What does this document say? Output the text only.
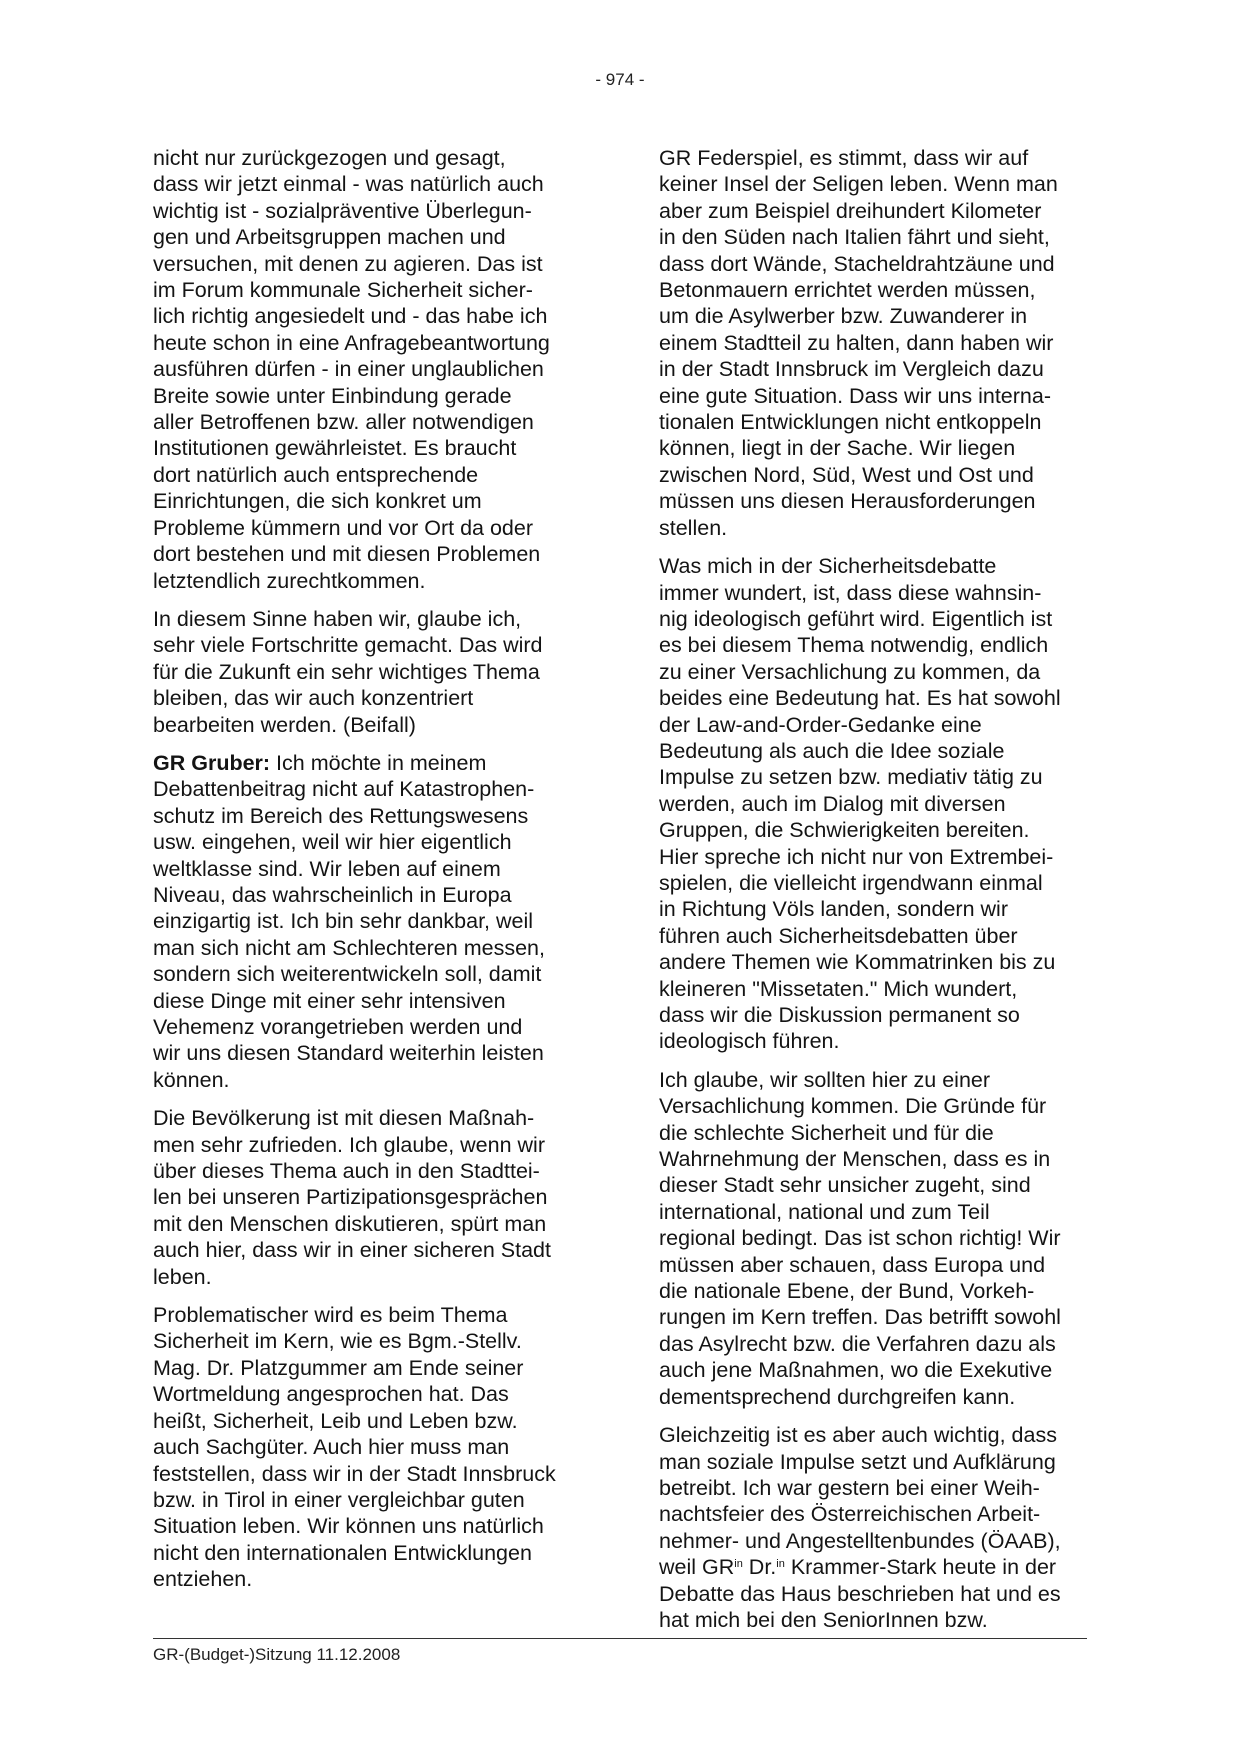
- 974 -

nicht nur zurückgezogen und gesagt,
dass wir jetzt einmal - was natürlich auch
wichtig ist - sozialpräventive Überlegun-
gen und Arbeitsgruppen machen und
versuchen, mit denen zu agieren. Das ist
im Forum kommunale Sicherheit sicher-
lich richtig angesiedelt und - das habe ich
heute schon in eine Anfragebeantwortung
ausführen dürfen - in einer unglaublichen
Breite sowie unter Einbindung gerade
aller Betroffenen bzw. aller notwendigen
Institutionen gewährleistet. Es braucht
dort natürlich auch entsprechende
Einrichtungen, die sich konkret um
Probleme kümmern und vor Ort da oder
dort bestehen und mit diesen Problemen
letztendlich zurechtkommen.

In diesem Sinne haben wir, glaube ich,
sehr viele Fortschritte gemacht. Das wird
für die Zukunft ein sehr wichtiges Thema
bleiben, das wir auch konzentriert
bearbeiten werden. (Beifall)

GR Gruber: Ich möchte in meinem
Debattenbeitrag nicht auf Katastrophen-
schutz im Bereich des Rettungswesens
usw. eingehen, weil wir hier eigentlich
weltklasse sind. Wir leben auf einem
Niveau, das wahrscheinlich in Europa
einzigartig ist. Ich bin sehr dankbar, weil
man sich nicht am Schlechteren messen,
sondern sich weiterentwickeln soll, damit
diese Dinge mit einer sehr intensiven
Vehemenz vorangetrieben werden und
wir uns diesen Standard weiterhin leisten
können.

Die Bevölkerung ist mit diesen Maßnah-
men sehr zufrieden. Ich glaube, wenn wir
über dieses Thema auch in den Stadttei-
len bei unseren Partizipationsgesprächen
mit den Menschen diskutieren, spürt man
auch hier, dass wir in einer sicheren Stadt
leben.

Problematischer wird es beim Thema
Sicherheit im Kern, wie es Bgm.-Stellv.
Mag. Dr. Platzgummer am Ende seiner
Wortmeldung angesprochen hat. Das
heißt, Sicherheit, Leib und Leben bzw.
auch Sachgüter. Auch hier muss man
feststellen, dass wir in der Stadt Innsbruck
bzw. in Tirol in einer vergleichbar guten
Situation leben. Wir können uns natürlich
nicht den internationalen Entwicklungen
entziehen.

GR Federspiel, es stimmt, dass wir auf
keiner Insel der Seligen leben. Wenn man
aber zum Beispiel dreihundert Kilometer
in den Süden nach Italien fährt und sieht,
dass dort Wände, Stacheldrahtzäune und
Betonmauern errichtet werden müssen,
um die Asylwerber bzw. Zuwanderer in
einem Stadtteil zu halten, dann haben wir
in der Stadt Innsbruck im Vergleich dazu
eine gute Situation. Dass wir uns interna-
tionalen Entwicklungen nicht entkoppeln
können, liegt in der Sache. Wir liegen
zwischen Nord, Süd, West und Ost und
müssen uns diesen Herausforderungen
stellen.

Was mich in der Sicherheitsdebatte
immer wundert, ist, dass diese wahnsin-
nig ideologisch geführt wird. Eigentlich ist
es bei diesem Thema notwendig, endlich
zu einer Versachlichung zu kommen, da
beides eine Bedeutung hat. Es hat sowohl
der Law-and-Order-Gedanke eine
Bedeutung als auch die Idee soziale
Impulse zu setzen bzw. mediativ tätig zu
werden, auch im Dialog mit diversen
Gruppen, die Schwierigkeiten bereiten.
Hier spreche ich nicht nur von Extrembei-
spielen, die vielleicht irgendwann einmal
in Richtung Völs landen, sondern wir
führen auch Sicherheitsdebatten über
andere Themen wie Kommatrinken bis zu
kleineren "Missetaten." Mich wundert,
dass wir die Diskussion permanent so
ideologisch führen.

Ich glaube, wir sollten hier zu einer
Versachlichung kommen. Die Gründe für
die schlechte Sicherheit und für die
Wahrnehmung der Menschen, dass es in
dieser Stadt sehr unsicher zugeht, sind
international, national und zum Teil
regional bedingt. Das ist schon richtig! Wir
müssen aber schauen, dass Europa und
die nationale Ebene, der Bund, Vorkeh-
rungen im Kern treffen. Das betrifft sowohl
das Asylrecht bzw. die Verfahren dazu als
auch jene Maßnahmen, wo die Exekutive
dementsprechend durchgreifen kann.

Gleichzeitig ist es aber auch wichtig, dass
man soziale Impulse setzt und Aufklärung
betreibt. Ich war gestern bei einer Weih-
nachtsfeier des Österreichischen Arbeit-
nehmer- und Angestelltenbundes (ÖAAB),
weil $GR^{in}$ Dr.$^{in}$ Krammer-Stark heute in der
Debatte das Haus beschrieben hat und es
hat mich bei den SeniorInnen bzw.

GR-(Budget-)Sitzung 11.12.2008
